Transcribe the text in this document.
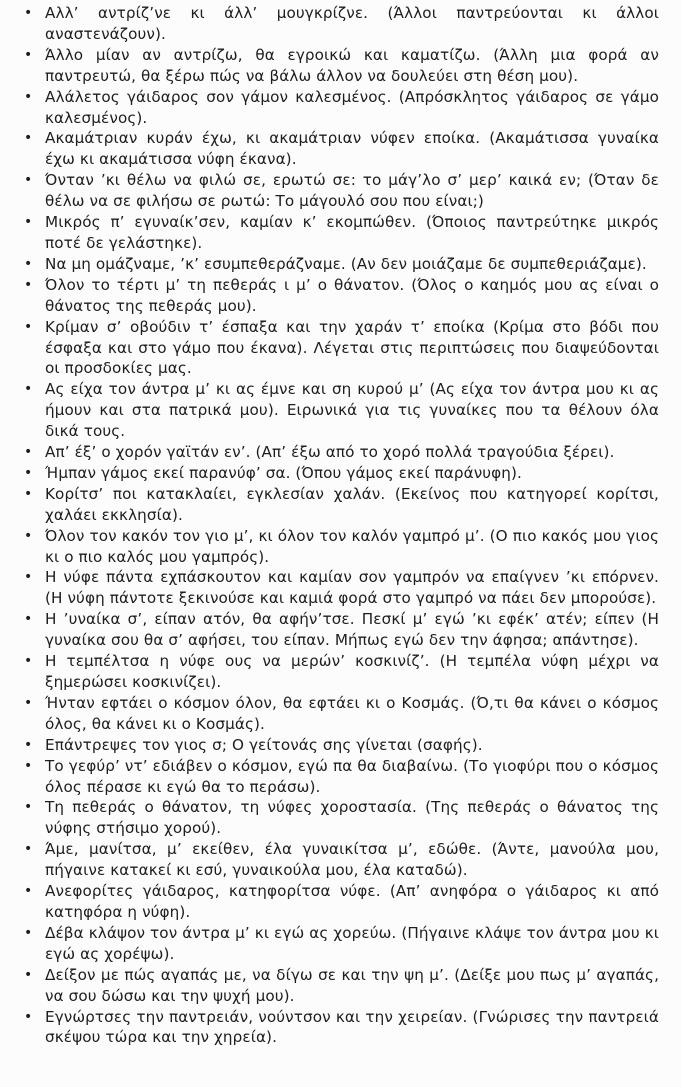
• Αλλ’ αντρίζ’νε κι άλλ’ μουγκρίζνε. (Άλλοι παντρεύονται κι άλλοι αναστενάζουν).
• Άλλο μίαν αν αντρίζω, θα εγροικώ και καματίζω. (Άλλη μια φορά αν παντρευτώ, θα ξέρω πώς να βάλω άλλον να δουλεύει στη θέση μου).
• Αλάλετος γάιδαρος σον γάμον καλεσμένος. (Απρόσκλητος γάιδαρος σε γάμο καλεσμένος).
• Ακαμάτριαν κυράν έχω, κι ακαμάτριαν νύφεν εποίκα. (Ακαμάτισσα γυναίκα έχω κι ακαμάτισσα νύφη έκανα).
• Όνταν ’κι θέλω να φιλώ σε, ερωτώ σε: το μάγ’λο σ’ μερ’ καικά εν; (Όταν δε θέλω να σε φιλήσω σε ρωτώ: Το μάγουλό σου που είναι;)
• Μικρός π’ εγυναίκ’σεν, καμίαν κ’ εκομπώθεν. (Όποιος παντρεύτηκε μικρός ποτέ δε γελάστηκε).
• Να μη ομάζναμε, ’κ’ εσυμπεθεράζναμε. (Αν δεν μοιάζαμε δε συμπεθεριάζαμε).
• Όλον το τέρτι μ’ τη πεθεράς ι μ’ ο θάνατον. (Όλος ο καημός μου ας είναι ο θάνατος της πεθεράς μου).
• Κρίμαν σ’ οβούδιν τ’ έσπαξα και την χαράν τ’ εποίκα (Κρίμα στο βόδι που έσφαξα και στο γάμο που έκανα). Λέγεται στις περιπτώσεις που διαψεύδονται οι προσδοκίες μας.
• Ας είχα τον άντρα μ’ κι ας έμνε και ση κυρού μ’ (Ας είχα τον άντρα μου κι ας ήμουν και στα πατρικά μου). Ειρωνικά για τις γυναίκες που τα θέλουν όλα δικά τους.
• Απ’ έξ’ ο χορόν γαϊτάν εν’. (Απ’ έξω από το χορό πολλά τραγούδια ξέρει).
• Ήμπαν γάμος εκεί παρανύφ’ σα. (Όπου γάμος εκεί παράνυφη).
• Κορίτσ’ ποι κατακλαίει, εγκλεσίαν χαλάν. (Εκείνος που κατηγορεί κορίτσι, χαλάει εκκλησία).
• Όλον τον κακόν τον γιο μ’, κι όλον τον καλόν γαμπρό μ’. (Ο πιο κακός μου γιος κι ο πιο καλός μου γαμπρός).
• Η νύφε πάντα εχπάσκουτον και καμίαν σον γαμπρόν να επαίγνεν ’κι επόρνεν. (Η νύφη πάντοτε ξεκινούσε και καμιά φορά στο γαμπρό να πάει δεν μπορούσε).
• Η ’υναίκα σ’, είπαν ατόν, θα αφήν’τσε. Πεσκί μ’ εγώ ’κι εφέκ’ ατέν; είπεν (Η γυναίκα σου θα σ’ αφήσει, του είπαν. Μήπως εγώ δεν την άφησα; απάντησε).
• Η τεμπέλτσα η νύφε ους να μερών’ κοσκινίζ’. (Η τεμπέλα νύφη μέχρι να ξημερώσει κοσκινίζει).
• Ήνταν εφτάει ο κόσμον όλον, θα εφτάει κι ο Κοσμάς. (Ό,τι θα κάνει ο κόσμος όλος, θα κάνει κι ο Κοσμάς).
• Επάντρεψες τον γιος σ; Ο γείτονάς σης γίνεται (σαφής).
• Το γεφύρ’ ντ’ εδιάβεν ο κόσμον, εγώ πα θα διαβαίνω. (Το γιοφύρι που ο κόσμος όλος πέρασε κι εγώ θα το περάσω).
• Τη πεθεράς ο θάνατον, τη νύφες χοροστασία. (Της πεθεράς ο θάνατος της νύφης στήσιμο χορού).
• Άμε, μανίτσα, μ’ εκείθεν, έλα γυναικίτσα μ’, εδώθε. (Άντε, μανούλα μου, πήγαινε κατακεί κι εσύ, γυναικούλα μου, έλα καταδώ).
• Ανεφορίτες γάιδαρος, κατηφορίτσα νύφε. (Απ’ ανηφόρα ο γάιδαρος κι από κατηφόρα η νύφη).
• Δέβα κλάψον τον άντρα μ’ κι εγώ ας χορεύω. (Πήγαινε κλάψε τον άντρα μου κι εγώ ας χορέψω).
• Δείξον με πώς αγαπάς με, να δίγω σε και την ψη μ’. (Δείξε μου πως μ’ αγαπάς, να σου δώσω και την ψυχή μου).
• Εγνώρτσες την παντρειάν, νούντσον και την χειρείαν. (Γνώρισες την παντρειά σκέψου τώρα και την χηρεία).
